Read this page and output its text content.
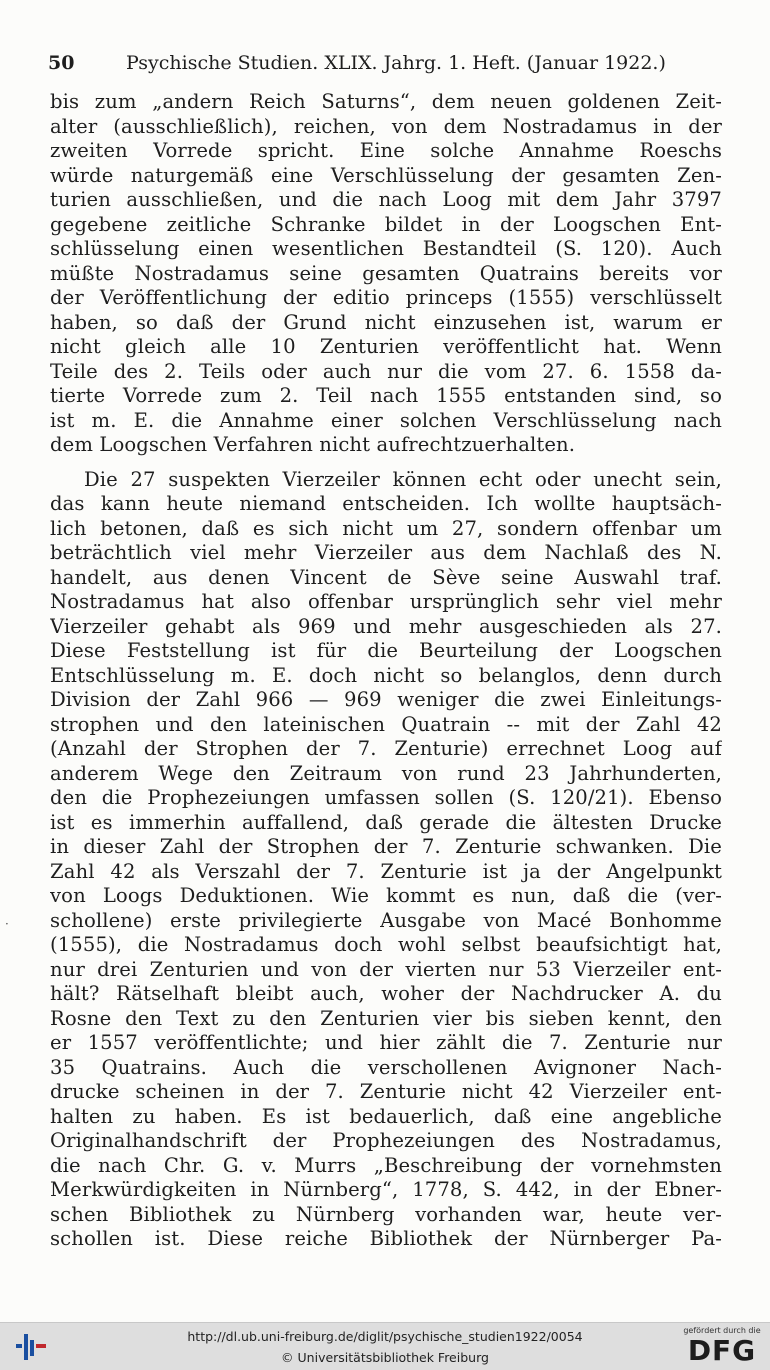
50	Psychische Studien. XLIX. Jahrg. 1. Heft. (Januar 1922.)
bis zum „andern Reich Saturns“, dem neuen goldenen Zeit-
alter (ausschließlich), reichen, von dem Nostradamus in der
zweiten Vorrede spricht. Eine solche Annahme Roeschs
würde naturgemäß eine Verschlüsselung der gesamten Zen-
turien ausschließen, und die nach Loog mit dem Jahr 3797
gegebene zeitliche Schranke bildet in der Loogschen Ent-
schlüsselung einen wesentlichen Bestandteil (S. 120). Auch
müßte Nostradamus seine gesamten Quatrains bereits vor
der Veröffentlichung der editio princeps (1555) verschlüsselt
haben, so daß der Grund nicht einzusehen ist, warum er
nicht gleich alle 10 Zenturien veröffentlicht hat. Wenn
Teile des 2. Teils oder auch nur die vom 27. 6. 1558 da-
tierte Vorrede zum 2. Teil nach 1555 entstanden sind, so
ist m. E. die Annahme einer solchen Verschlüsselung nach
dem Loogschen Verfahren nicht aufrechtzuerhalten.
Die 27 suspekten Vierzeiler können echt oder unecht sein,
das kann heute niemand entscheiden. Ich wollte hauptsäch-
lich betonen, daß es sich nicht um 27, sondern offenbar um
beträchtlich viel mehr Vierzeiler aus dem Nachlaß des N.
handelt, aus denen Vincent de Sève seine Auswahl traf.
Nostradamus hat also offenbar ursprünglich sehr viel mehr
Vierzeiler gehabt als 969 und mehr ausgeschieden als 27.
Diese Feststellung ist für die Beurteilung der Loogschen
Entschlüsselung m. E. doch nicht so belanglos, denn durch
Division der Zahl 966 — 969 weniger die zwei Einleitungs-
strophen und den lateinischen Quatrain -- mit der Zahl 42
(Anzahl der Strophen der 7. Zenturie) errechnet Loog auf
anderem Wege den Zeitraum von rund 23 Jahrhunderten,
den die Prophezeiungen umfassen sollen (S. 120/21). Ebenso
ist es immerhin auffallend, daß gerade die ältesten Drucke
in dieser Zahl der Strophen der 7. Zenturie schwanken. Die
Zahl 42 als Verszahl der 7. Zenturie ist ja der Angelpunkt
von Loogs Deduktionen. Wie kommt es nun, daß die (ver-
schollene) erste privilegierte Ausgabe von Macé Bonhomme
(1555), die Nostradamus doch wohl selbst beaufsichtigt hat,
nur drei Zenturien und von der vierten nur 53 Vierzeiler ent-
hält? Rätselhaft bleibt auch, woher der Nachdrucker A. du
Rosne den Text zu den Zenturien vier bis sieben kennt, den
er 1557 veröffentlichte; und hier zählt die 7. Zenturie nur
35 Quatrains. Auch die verschollenen Avignoner Nach-
drucke scheinen in der 7. Zenturie nicht 42 Vierzeiler ent-
halten zu haben. Es ist bedauerlich, daß eine angebliche
Originalhandschrift der Prophezeiungen des Nostradamus,
die nach Chr. G. v. Murrs „Beschreibung der vornehmsten
Merkwürdigkeiten in Nürnberg“, 1778, S. 442, in der Ebner-
schen Bibliothek zu Nürnberg vorhanden war, heute ver-
schollen ist. Diese reiche Bibliothek der Nürnberger Pa-
·
http://dl.ub.uni-freiburg.de/diglit/psychische_studien1922/0054
© Universitätsbibliothek Freiburg
gefördert durch die
DFG
